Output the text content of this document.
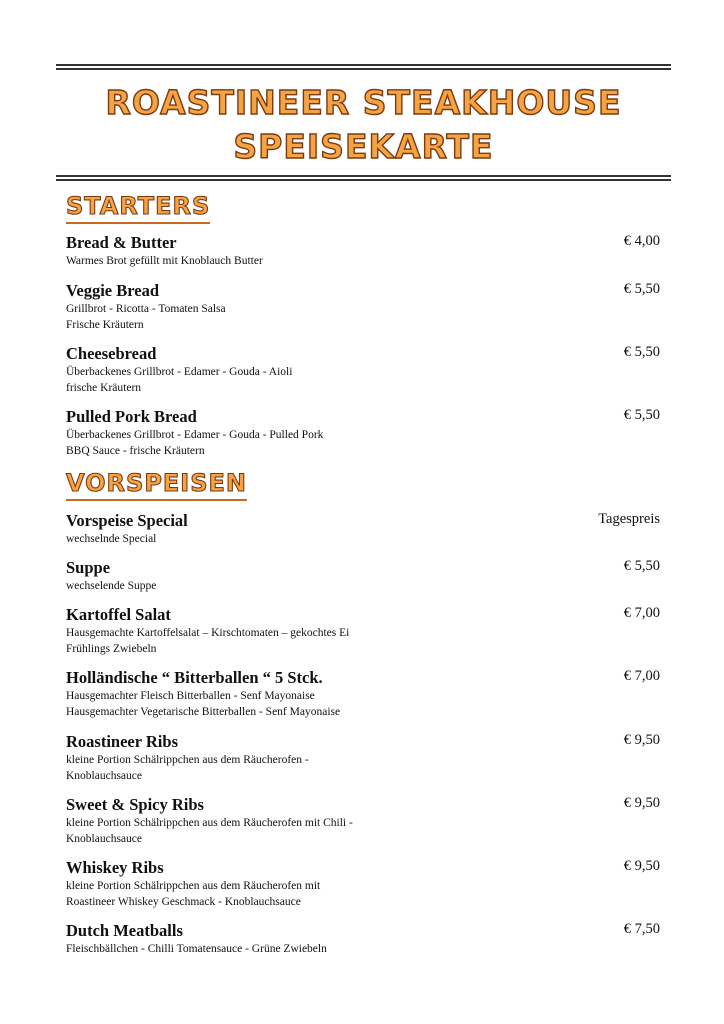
ROASTINEER STEAKHOUSE
SPEISEKARTE
STARTERS
Bread & Butter	€ 4,00
Warmes Brot gefüllt mit Knoblauch Butter
Veggie Bread	€ 5,50
Grillbrot - Ricotta - Tomaten Salsa
Frische Kräutern
Cheesebread	€ 5,50
Überbackenes Grillbrot - Edamer - Gouda - Aioli
frische Kräutern
Pulled Pork Bread	€ 5,50
Überbackenes Grillbrot - Edamer - Gouda - Pulled Pork
BBQ Sauce - frische Kräutern
VORSPEISEN
Vorspeise Special	Tagespreis
wechselnde Special
Suppe	€ 5,50
wechselende Suppe
Kartoffel Salat	€ 7,00
Hausgemachte Kartoffelsalat – Kirschtomaten – gekochtes Ei
Frühlings Zwiebeln
Holländische “ Bitterballen “ 5 Stck.	€ 7,00
Hausgemachter Fleisch Bitterballen - Senf Mayonaise
Hausgemachter Vegetarische Bitterballen - Senf Mayonaise
Roastineer Ribs	€ 9,50
kleine Portion Schälrippchen aus dem Räucherofen -
Knoblauchsauce
Sweet & Spicy Ribs	€ 9,50
kleine Portion Schälrippchen aus dem Räucherofen mit Chili -
Knoblauchsauce
Whiskey Ribs	€ 9,50
kleine Portion Schälrippchen aus dem Räucherofen mit
Roastineer Whiskey Geschmack - Knoblauchsauce
Dutch Meatballs	€ 7,50
Fleischbällchen - Chilli Tomatensauce - Grüne Zwiebeln
